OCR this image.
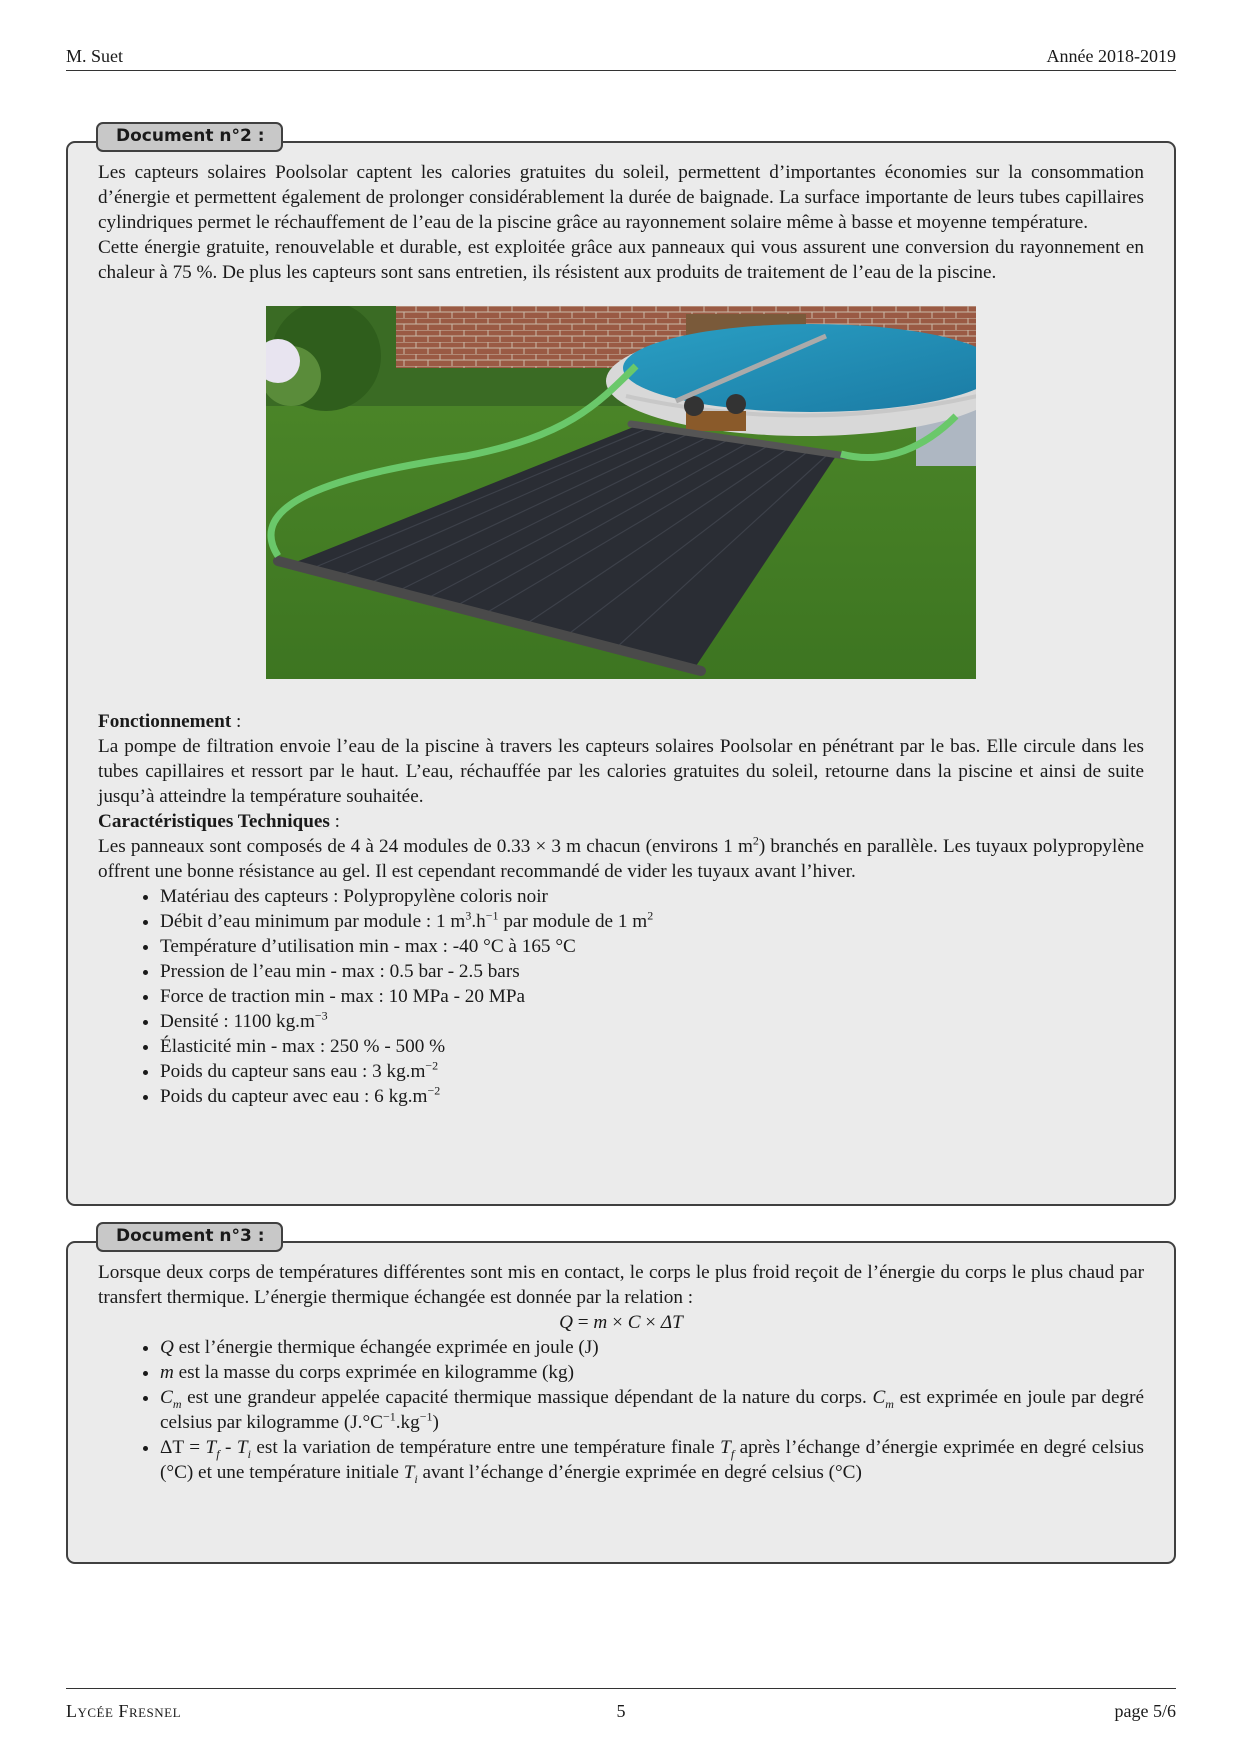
M. Suet	Année 2018-2019
Document n°2 :

Les capteurs solaires Poolsolar captent les calories gratuites du soleil, permettent d’importantes économies sur la consommation d’énergie et permettent également de prolonger considérablement la durée de baignade. La surface importante de leurs tubes capillaires cylindriques permet le réchauffement de l’eau de la piscine grâce au rayonnement solaire même à basse et moyenne température.

Cette énergie gratuite, renouvelable et durable, est exploitée grâce aux panneaux qui vous assurent une conversion du rayonnement en chaleur à 75 %. De plus les capteurs sont sans entretien, ils résistent aux produits de traitement de l’eau de la piscine.

Fonctionnement :

La pompe de filtration envoie l’eau de la piscine à travers les capteurs solaires Poolsolar en pénétrant par le bas. Elle circule dans les tubes capillaires et ressort par le haut. L’eau, réchauffée par les calories gratuites du soleil, retourne dans la piscine et ainsi de suite jusqu’à atteindre la température souhaitée.

Caractéristiques Techniques :

Les panneaux sont composés de 4 à 24 modules de 0.33 × 3 m chacun (environs 1 $m^2$) branchés en parallèle. Les tuyaux polypropylène offrent une bonne résistance au gel. Il est cependant recommandé de vider les tuyaux avant l’hiver.

• Matériau des capteurs : Polypropylène coloris noir
• Débit d’eau minimum par module : 1 $m^3.h^{-1}$ par module de 1 $m^2$
• Température d’utilisation min - max : -40 °C à 165 °C
• Pression de l’eau min - max : 0.5 bar - 2.5 bars
• Force de traction min - max : 10 MPa - 20 MPa
• Densité : 1100 $kg.m^{-3}$
• Élasticité min - max : 250 % - 500 %
• Poids du capteur sans eau : 3 $kg.m^{-2}$
• Poids du capteur avec eau : 6 $kg.m^{-2}$
Document n°3 :

Lorsque deux corps de températures différentes sont mis en contact, le corps le plus froid reçoit de l’énergie du corps le plus chaud par transfert thermique. L’énergie thermique échangée est donnée par la relation :

Q = m × C × ΔT

• Q est l’énergie thermique échangée exprimée en joule (J)
• m est la masse du corps exprimée en kilogramme (kg)
• $C_m$ est une grandeur appelée capacité thermique massique dépendant de la nature du corps. $C_m$ est exprimée en joule par degré celsius par kilogramme $(J.^\circ C^{-1}.kg^{-1})$
• $\Delta T = T_f - T_i$ est la variation de température entre une température finale $T_f$ après l’échange d’énergie exprimée en degré celsius (°C) et une température initiale $T_i$ avant l’échange d’énergie exprimée en degré celsius (°C)
Lycée Fresnel	5	page 5/6
